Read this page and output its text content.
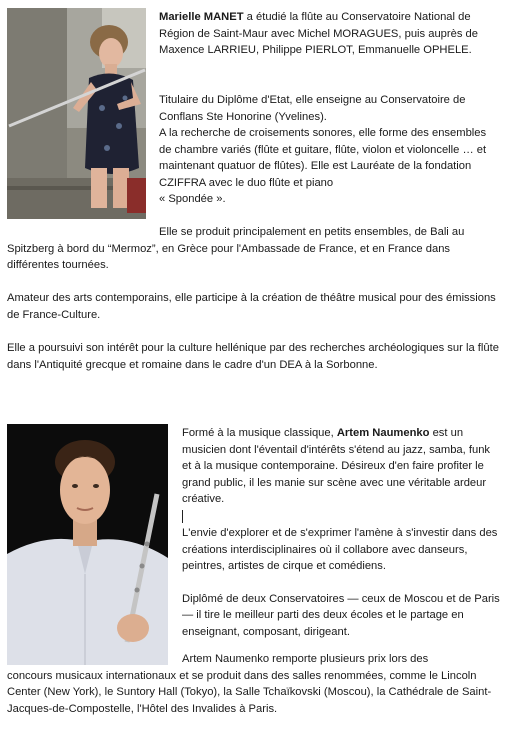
Marielle MANET a étudié la flûte au Conservatoire National de Région de Saint-Maur avec Michel MORAGUES, puis auprès de Maxence LARRIEU, Philippe PIERLOT, Emmanuelle OPHELE.

Titulaire du Diplôme d'Etat, elle enseigne au Conservatoire de Conflans Ste Honorine (Yvelines).

A la recherche de croisements sonores, elle forme des ensembles de chambre variés (flûte et guitare, flûte, violon et violoncelle … et maintenant quatuor de flûtes). Elle est Lauréate de la fondation CZIFFRA avec le duo flûte et piano

« Spondée ».

Elle se produit principalement en petits ensembles, de Bali au

Spitzberg à bord du “Mermoz”, en Grèce pour l'Ambassade de France, et en France dans différentes tournées.

Amateur des arts contemporains, elle participe à la création de théâtre musical pour des émissions de France-Culture.

Elle a poursuivi son intérêt pour la culture hellénique par des recherches archéologiques sur la flûte dans l'Antiquité grecque et romaine dans le cadre d'un DEA à la Sorbonne.

Formé à la musique classique, Artem Naumenko est un musicien dont l'éventail d'intérêts s'étend au jazz, samba, funk et à la musique contemporaine. Désireux d'en faire profiter le grand public, il les manie sur scène avec une véritable ardeur créative.

L'envie d'explorer et de s'exprimer l'amène à s'investir dans des créations interdisciplinaires où il collabore avec danseurs, peintres, artistes de cirque et comédiens.

Diplômé de deux Conservatoires — ceux de Moscou et de Paris — il tire le meilleur parti des deux écoles et le partage en enseignant, composant, dirigeant.

Artem Naumenko remporte plusieurs prix lors des

concours musicaux internationaux et se produit dans des salles renommées, comme le Lincoln Center (New York), le Suntory Hall (Tokyo), la Salle Tchaïkovski (Moscou), la Cathédrale de Saint-Jacques-de-Compostelle, l'Hôtel des Invalides à Paris.
